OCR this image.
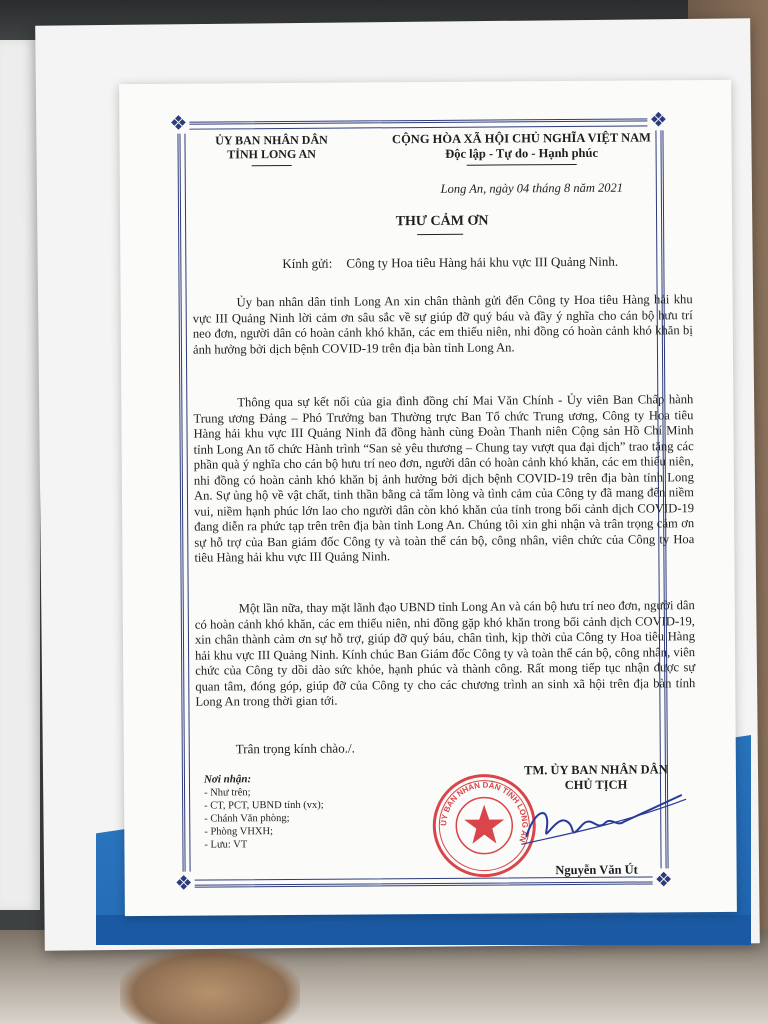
❖	❖
❖	❖
ỦY BAN NHÂN DÂN
TỈNH LONG AN
CỘNG HÒA XÃ HỘI CHỦ NGHĨA VIỆT NAM
Độc lập - Tự do - Hạnh phúc
Long An, ngày 04 tháng 8 năm 2021
THƯ CẢM ƠN
Kính gửi: Công ty Hoa tiêu Hàng hải khu vực III Quảng Ninh.
Ủy ban nhân dân tỉnh Long An xin chân thành gửi đến Công ty Hoa tiêu Hàng hải khu vực III Quảng Ninh lời cảm ơn sâu sắc về sự giúp đỡ quý báu và đầy ý nghĩa cho cán bộ hưu trí neo đơn, người dân có hoàn cảnh khó khăn, các em thiếu niên, nhi đồng có hoàn cảnh khó khăn bị ảnh hưởng bởi dịch bệnh COVID-19 trên địa bàn tỉnh Long An.
Thông qua sự kết nối của gia đình đồng chí Mai Văn Chính - Ủy viên Ban Chấp hành Trung ương Đảng – Phó Trưởng ban Thường trực Ban Tổ chức Trung ương, Công ty Hoa tiêu Hàng hải khu vực III Quảng Ninh đã đồng hành cùng Đoàn Thanh niên Cộng sản Hồ Chí Minh tỉnh Long An tổ chức Hành trình “San sẻ yêu thương – Chung tay vượt qua đại dịch” trao tặng các phần quà ý nghĩa cho cán bộ hưu trí neo đơn, người dân có hoàn cảnh khó khăn, các em thiếu niên, nhi đồng có hoàn cảnh khó khăn bị ảnh hưởng bởi dịch bệnh COVID-19 trên địa bàn tỉnh Long An. Sự ủng hộ về vật chất, tinh thần bằng cả tấm lòng và tình cảm của Công ty đã mang đến niềm vui, niềm hạnh phúc lớn lao cho người dân còn khó khăn của tỉnh trong bối cảnh dịch COVID-19 đang diễn ra phức tạp trên trên địa bàn tỉnh Long An. Chúng tôi xin ghi nhận và trân trọng cảm ơn sự hỗ trợ của Ban giám đốc Công ty và toàn thể cán bộ, công nhân, viên chức của Công ty Hoa tiêu Hàng hải khu vực III Quảng Ninh.
Một lần nữa, thay mặt lãnh đạo UBND tỉnh Long An và cán bộ hưu trí neo đơn, người dân có hoàn cảnh khó khăn, các em thiếu niên, nhi đồng gặp khó khăn trong bối cảnh dịch COVID-19, xin chân thành cảm ơn sự hỗ trợ, giúp đỡ quý báu, chân tình, kịp thời của Công ty Hoa tiêu Hàng hải khu vực III Quảng Ninh. Kính chúc Ban Giám đốc Công ty và toàn thể cán bộ, công nhân, viên chức của Công ty dồi dào sức khỏe, hạnh phúc và thành công. Rất mong tiếp tục nhận được sự quan tâm, đóng góp, giúp đỡ của Công ty cho các chương trình an sinh xã hội trên địa bàn tỉnh Long An trong thời gian tới.
Trân trọng kính chào./.
Nơi nhận:
- Như trên;
- CT, PCT, UBND tỉnh (vx);
- Chánh Văn phòng;
- Phòng VHXH;
- Lưu: VT
ỦY BAN NHÂN DÂN TỈNH LONG AN
TM. ỦY BAN NHÂN DÂN
CHỦ TỊCH
Nguyễn Văn Út
